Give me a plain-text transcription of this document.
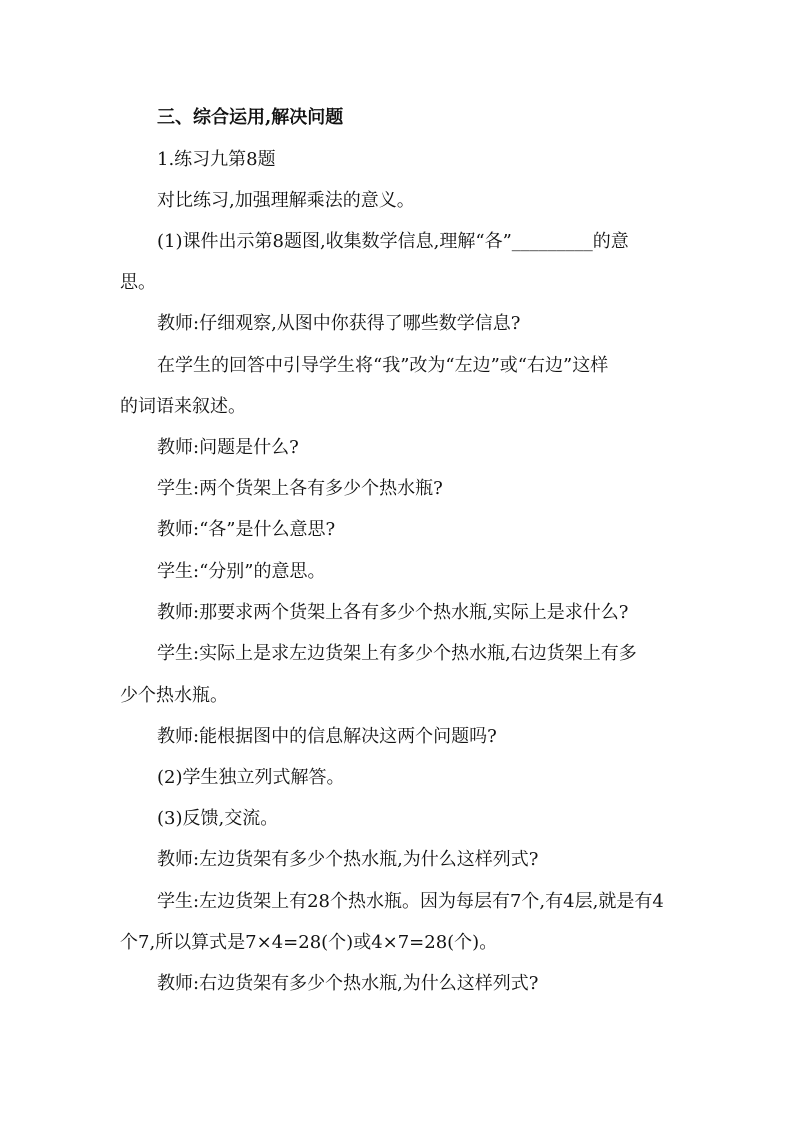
三、综合运用,解决问题
1.练习九第8题
对比练习,加强理解乘法的意义。
(1)课件出示第8题图,收集数学信息,理解“各”_________的意
思。
教师:仔细观察,从图中你获得了哪些数学信息?
在学生的回答中引导学生将“我”改为“左边”或“右边”这样
的词语来叙述。
教师:问题是什么?
学生:两个货架上各有多少个热水瓶?
教师:“各”是什么意思?
学生:“分别”的意思。
教师:那要求两个货架上各有多少个热水瓶,实际上是求什么?
学生:实际上是求左边货架上有多少个热水瓶,右边货架上有多
少个热水瓶。
教师:能根据图中的信息解决这两个问题吗?
(2)学生独立列式解答。
(3)反馈,交流。
教师:左边货架有多少个热水瓶,为什么这样列式?
学生:左边货架上有28个热水瓶。因为每层有7个,有4层,就是有4
个7,所以算式是7×4=28(个)或4×7=28(个)。
教师:右边货架有多少个热水瓶,为什么这样列式?
